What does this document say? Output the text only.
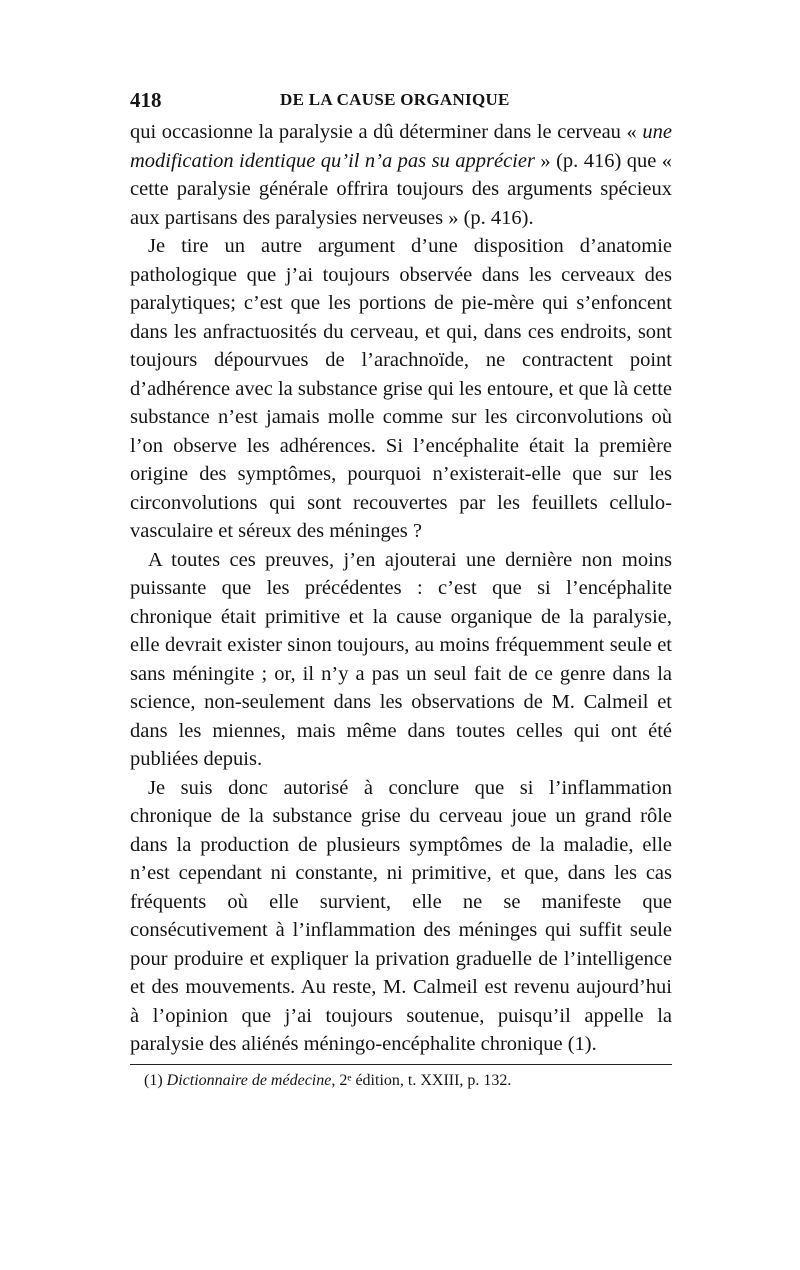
418	DE LA CAUSE ORGANIQUE

qui occasionne la paralysie a dû déterminer dans le cerveau « une modification identique qu’il n’a pas su apprécier » (p. 416) que « cette paralysie générale offrira toujours des arguments spécieux aux partisans des paralysies nerveuses » (p. 416).

Je tire un autre argument d’une disposition d’anatomie pathologique que j’ai toujours observée dans les cerveaux des paralytiques; c’est que les portions de pie-mère qui s’enfoncent dans les anfractuosités du cerveau, et qui, dans ces endroits, sont toujours dépourvues de l’arachnoïde, ne contractent point d’adhérence avec la substance grise qui les entoure, et que là cette substance n’est jamais molle comme sur les circonvolutions où l’on observe les adhérences. Si l’encéphalite était la première origine des symptômes, pourquoi n’existerait-elle que sur les circonvolutions qui sont recouvertes par les feuillets cellulo-vasculaire et séreux des méninges ?

A toutes ces preuves, j’en ajouterai une dernière non moins puissante que les précédentes : c’est que si l’encéphalite chronique était primitive et la cause organique de la paralysie, elle devrait exister sinon toujours, au moins fréquemment seule et sans méningite ; or, il n’y a pas un seul fait de ce genre dans la science, non-seulement dans les observations de M. Calmeil et dans les miennes, mais même dans toutes celles qui ont été publiées depuis.

Je suis donc autorisé à conclure que si l’inflammation chronique de la substance grise du cerveau joue un grand rôle dans la production de plusieurs symptômes de la maladie, elle n’est cependant ni constante, ni primitive, et que, dans les cas fréquents où elle survient, elle ne se manifeste que consécutivement à l’inflammation des méninges qui suffit seule pour produire et expliquer la privation graduelle de l’intelligence et des mouvements. Au reste, M. Calmeil est revenu aujourd’hui à l’opinion que j’ai toujours soutenue, puisqu’il appelle la paralysie des aliénés méningo-encéphalite chronique (1).

(1) Dictionnaire de médecine, 2ᵉ édition, t. XXIII, p. 132.
